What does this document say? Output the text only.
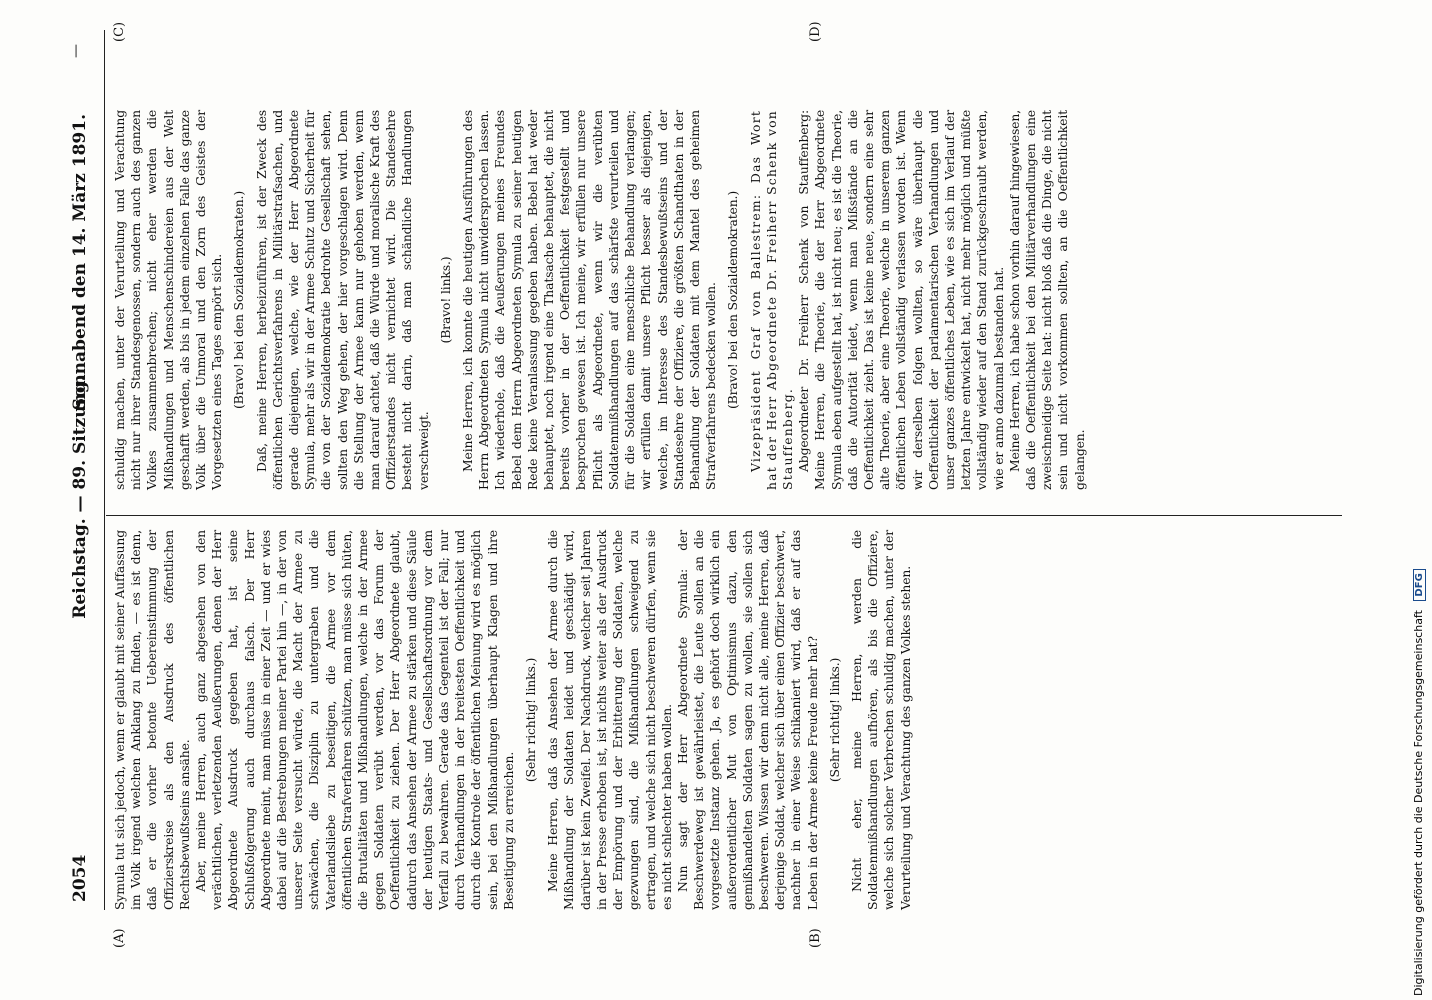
2054
Reichstag. — 89. Sitzung.
Sonnabend den 14. März 1891.
—
(A)	(B)
(C)	(D)

Symula tut sich jedoch, wenn er glaubt mit seiner Auffassung im Volk irgend welchen Anklang zu finden, — es ist denn, daß er die vorher betonte Uebereinstimmung der Offizierskreise als den Ausdruck des öffentlichen Rechtsbewußtseins ansähe. Aber, meine Herren, auch ganz abgesehen von den verächtlichen, verletzenden Aeußerungen, denen der Herr Abgeordnete Ausdruck gegeben hat, ist seine Schlußfolgerung auch durchaus falsch. Der Herr Abgeordnete meint, man müsse in einer Zeit — und er wies dabei auf die Bestrebungen meiner Partei hin —, in der von unserer Seite versucht würde, die Macht der Armee zu schwächen, die Disziplin zu untergraben und die Vaterlandsliebe zu beseitigen, die Armee vor dem öffentlichen Strafverfahren schützen, man müsse sich hüten, die Brutalitäten und Mißhandlungen, welche in der Armee gegen Soldaten verübt werden, vor das Forum der Oeffentlichkeit zu ziehen. Der Herr Abgeordnete glaubt, dadurch das Ansehen der Armee zu stärken und diese Säule der heutigen Staats- und Gesellschaftsordnung vor dem Verfall zu bewahren. Gerade das Gegenteil ist der Fall; nur durch Verhandlungen in der breitesten Oeffentlichkeit und durch die Kontrole der öffentlichen Meinung wird es möglich sein, bei den Mißhandlungen überhaupt Klagen und ihre Beseitigung zu erreichen.

(Sehr richtig! links.) Meine Herren, daß das Ansehen der Armee durch die Mißhandlung der Soldaten leidet und geschädigt wird, darüber ist kein Zweifel. Der Nachdruck, welcher seit Jahren in der Presse erhoben ist, ist nichts weiter als der Ausdruck der Empörung und der Erbitterung der Soldaten, welche gezwungen sind, die Mißhandlungen schweigend zu ertragen, und welche sich nicht beschweren dürfen, wenn sie es nicht schlechter haben wollen. Nun sagt der Herr Abgeordnete Symula: der Beschwerdeweg ist gewährleistet, die Leute sollen an die vorgesetzte Instanz gehen. Ja, es gehört doch wirklich ein außerordentlicher Mut von Optimismus dazu, den gemißhandelten Soldaten sagen zu wollen, sie sollen sich beschweren. Wissen wir denn nicht alle, meine Herren, daß derjenige Soldat, welcher sich über einen Offizier beschwert, nachher in einer Weise schikaniert wird, daß er auf das Leben in der Armee keine Freude mehr hat? (Sehr richtig! links.) Nicht eher, meine Herren, werden die Soldatenmißhandlungen aufhören, als bis die Offiziere, welche sich solcher Verbrechen schuldig machen, unter der Verurteilung und Verachtung des ganzen Volkes stehen.

schuldig machen, unter der Verurteilung und Verachtung nicht nur ihrer Standesgenossen, sondern auch des ganzen Volkes zusammenbrechen; nicht eher werden die Mißhandlungen und Menschenschindereien aus der Welt geschafft werden, als bis in jedem einzelnen Falle das ganze Volk über die Unmoral und den Zorn des Geistes der Vorgesetzten eines Tages empört sich. (Bravo! bei den Sozialdemokraten.) Daß, meine Herren, herbeizuführen, ist der Zweck des öffentlichen Gerichtsverfahrens in Militärstrafsachen, und gerade diejenigen, welche, wie der Herr Abgeordnete Symula, mehr als wir in der Armee Schutz und Sicherheit für die von der Sozialdemokratie bedrohte Gesellschaft sehen, sollten den Weg gehen, der hier vorgeschlagen wird. Denn die Stellung der Armee kann nur gehoben werden, wenn man darauf achtet, daß die Würde und moralische Kraft des Offizierstandes nicht vernichtet wird. Die Standesehre besteht nicht darin, daß man schändliche Handlungen verschweigt.

(Bravo! links.) Meine Herren, ich konnte die heutigen Ausführungen des Herrn Abgeordneten Symula nicht unwidersprochen lassen. Ich wiederhole, daß die Aeußerungen meines Freundes Bebel dem Herrn Abgeordneten Symula zu seiner heutigen Rede keine Veranlassung gegeben haben. Bebel hat weder behauptet, noch irgend eine Thatsache behauptet, die nicht bereits vorher in der Oeffentlichkeit festgestellt und besprochen gewesen ist. Ich meine, wir erfüllen nur unsere Pflicht als Abgeordnete, wenn wir die verübten Soldatenmißhandlungen auf das schärfste verurteilen und für die Soldaten eine menschliche Behandlung verlangen; wir erfüllen damit unsere Pflicht besser als diejenigen, welche, im Interesse des Standesbewußtseins und der Standesehre der Offiziere, die größten Schandthaten in der Behandlung der Soldaten mit dem Mantel des geheimen Strafverfahrens bedecken wollen. (Bravo! bei den Sozialdemokraten.) Vizepräsident Graf von Ballestrem: Das Wort hat der Herr Abgeordnete Dr. Freiherr Schenk von Stauffenberg. Abgeordneter Dr. Freiherr Schenk von Stauffenberg: Meine Herren, die Theorie, die der Herr Abgeordnete Symula eben aufgestellt hat, ist nicht neu; es ist die Theorie, daß die Autorität leidet, wenn man Mißstände an die Oeffentlichkeit zieht. Das ist keine neue, sondern eine sehr alte Theorie, aber eine Theorie, welche in unserem ganzen öffentlichen Leben vollständig verlassen worden ist. Wenn wir derselben folgen wollten, so wäre überhaupt die Oeffentlichkeit der parlamentarischen Verhandlungen und unser ganzes öffentliches Leben, wie es sich im Verlauf der letzten Jahre entwickelt hat, nicht mehr möglich und müßte vollständig wieder auf den Stand zurückgeschraubt werden, wie er anno dazumal bestanden hat. Meine Herren, ich habe schon vorhin darauf hingewiesen, daß die Oeffentlichkeit bei den Militärverhandlungen eine zweischneidige Seite hat: nicht bloß daß die Dinge, die nicht sein und nicht vorkommen sollten, an die Oeffentlichkeit gelangen.

Digitalisierung gefördert durch die Deutsche Forschungsgemeinschaft DFG
